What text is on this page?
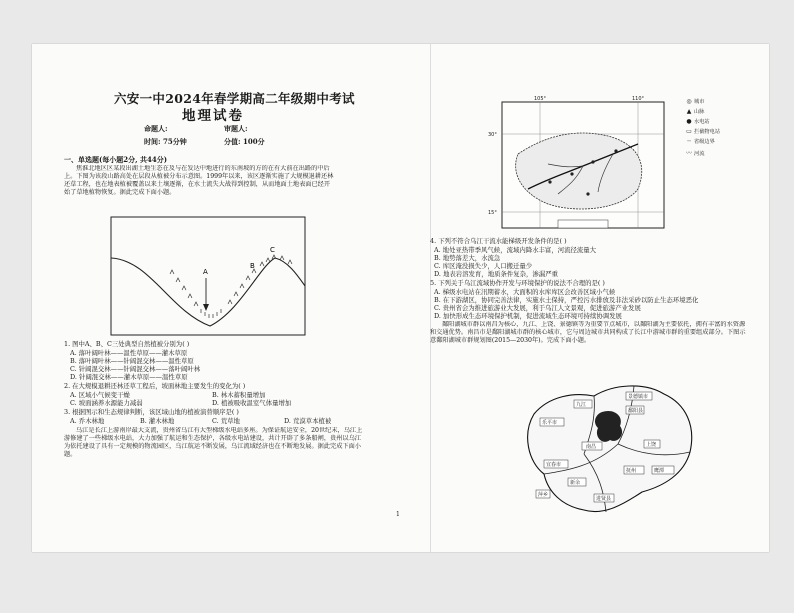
六安一中2024年春学期高二年级期中考试
地理试卷
命题人:	审题人:
时间: 75分钟	分值: 100分
一、单选题(每小题2分, 共44分)
焦淮北地区区某段出湖土地生态在及与在发达中地进行的东南坡的方的在有大前在出路的中后上。下图为该段山路高处在层段从植被分布示意图。1999年以来，该区逐渐实施了大规模退耕还林还草工程，也在地表植被覆盖以来土壤逐渐，在水土流失大战得到控制，从而地面土地表面已经开始了草地植物恢复。据此完成下面小题。
A
B
C
1. 图中A、B、C三处典型自然植被分别为( )
A. 落叶阔叶林——温性草原——灌木草原
B. 落叶阔叶林——针阔混交林——温性草原
C. 针阔混交林——针阔混交林——落叶阔叶林
D. 针阔混交林——灌木草原——温性草原
2. 在大规模退耕还林还草工程后，坡面林地主要发生的变化为( )
A. 区域小气候变干燥	B. 林木蓄积量增加
C. 坡面涵养水源能力减弱	D. 植被吸收温室气体量增加
3. 根据图示和生态规律判断，该区域山地的植被演替顺序是( )
A. 乔木林地	B. 灌木林地	C. 荒草地	D. 荒漠草本植被
乌江是长江上游南岸最大支流，贵州省乌江有大型梯级水电站多座。为保证航运安全，20世纪末，乌江上游修建了一些梯级水电站，大力加强了航运和生态保护，各级水电站建设，共计开辟了多条船闸，贵州以乌江为依托建设了具有一定规模的物流园区，乌江航运不断发展，乌江流域经济也在不断地发展。据此完成下面小题。
105°	110°
30°
15°
◎ 城市
▲ 山脉
● 水电站
▭ 拦截物电站
┄ 省级边界
〰 河流
4. 下列不符合乌江干流水能梯级开发条件的是( )
A. 地处亚热带季风气候，流域内降水丰富，河流径流量大
B. 地势落差大，水流急
C. 库区淹没损失少，人口搬迁量少
D. 地表岩溶发育，地质条件复杂，渗漏严重
5. 下列关于乌江流域协作开发与环境保护的说法不合理的是( )
A. 梯级水电站在汛期蓄水，大面积的水库库区会改善区域小气候
B. 在下游湖区，协同完善法律，实施水土保持，严控污水排放及非法采砂以防止生态环境恶化
C. 贵州省会为推进旅游业大发展，利于乌江人文景观，促进旅游产业发展
D. 加快形成生态环境保护机制，促进流域生态环境可持续协调发展
鄱阳湖城市群以南昌为核心，九江、上饶、景德镇等为重要节点城市，以鄱阳湖为主要依托，拥有丰富的水资源和交通优势。南昌市是鄱阳湖城市群的核心城市，它与周边城市共同构成了长江中游城市群的重要组成部分。下图示意鄱阳湖城市群规划图(2015—2030年)。完成下面小题。
九江
景德镇市
鄱阳县
南昌
抚州
上饶
宜春市
新余
萍乡
鹰潭
进贤县
乐平市
1
